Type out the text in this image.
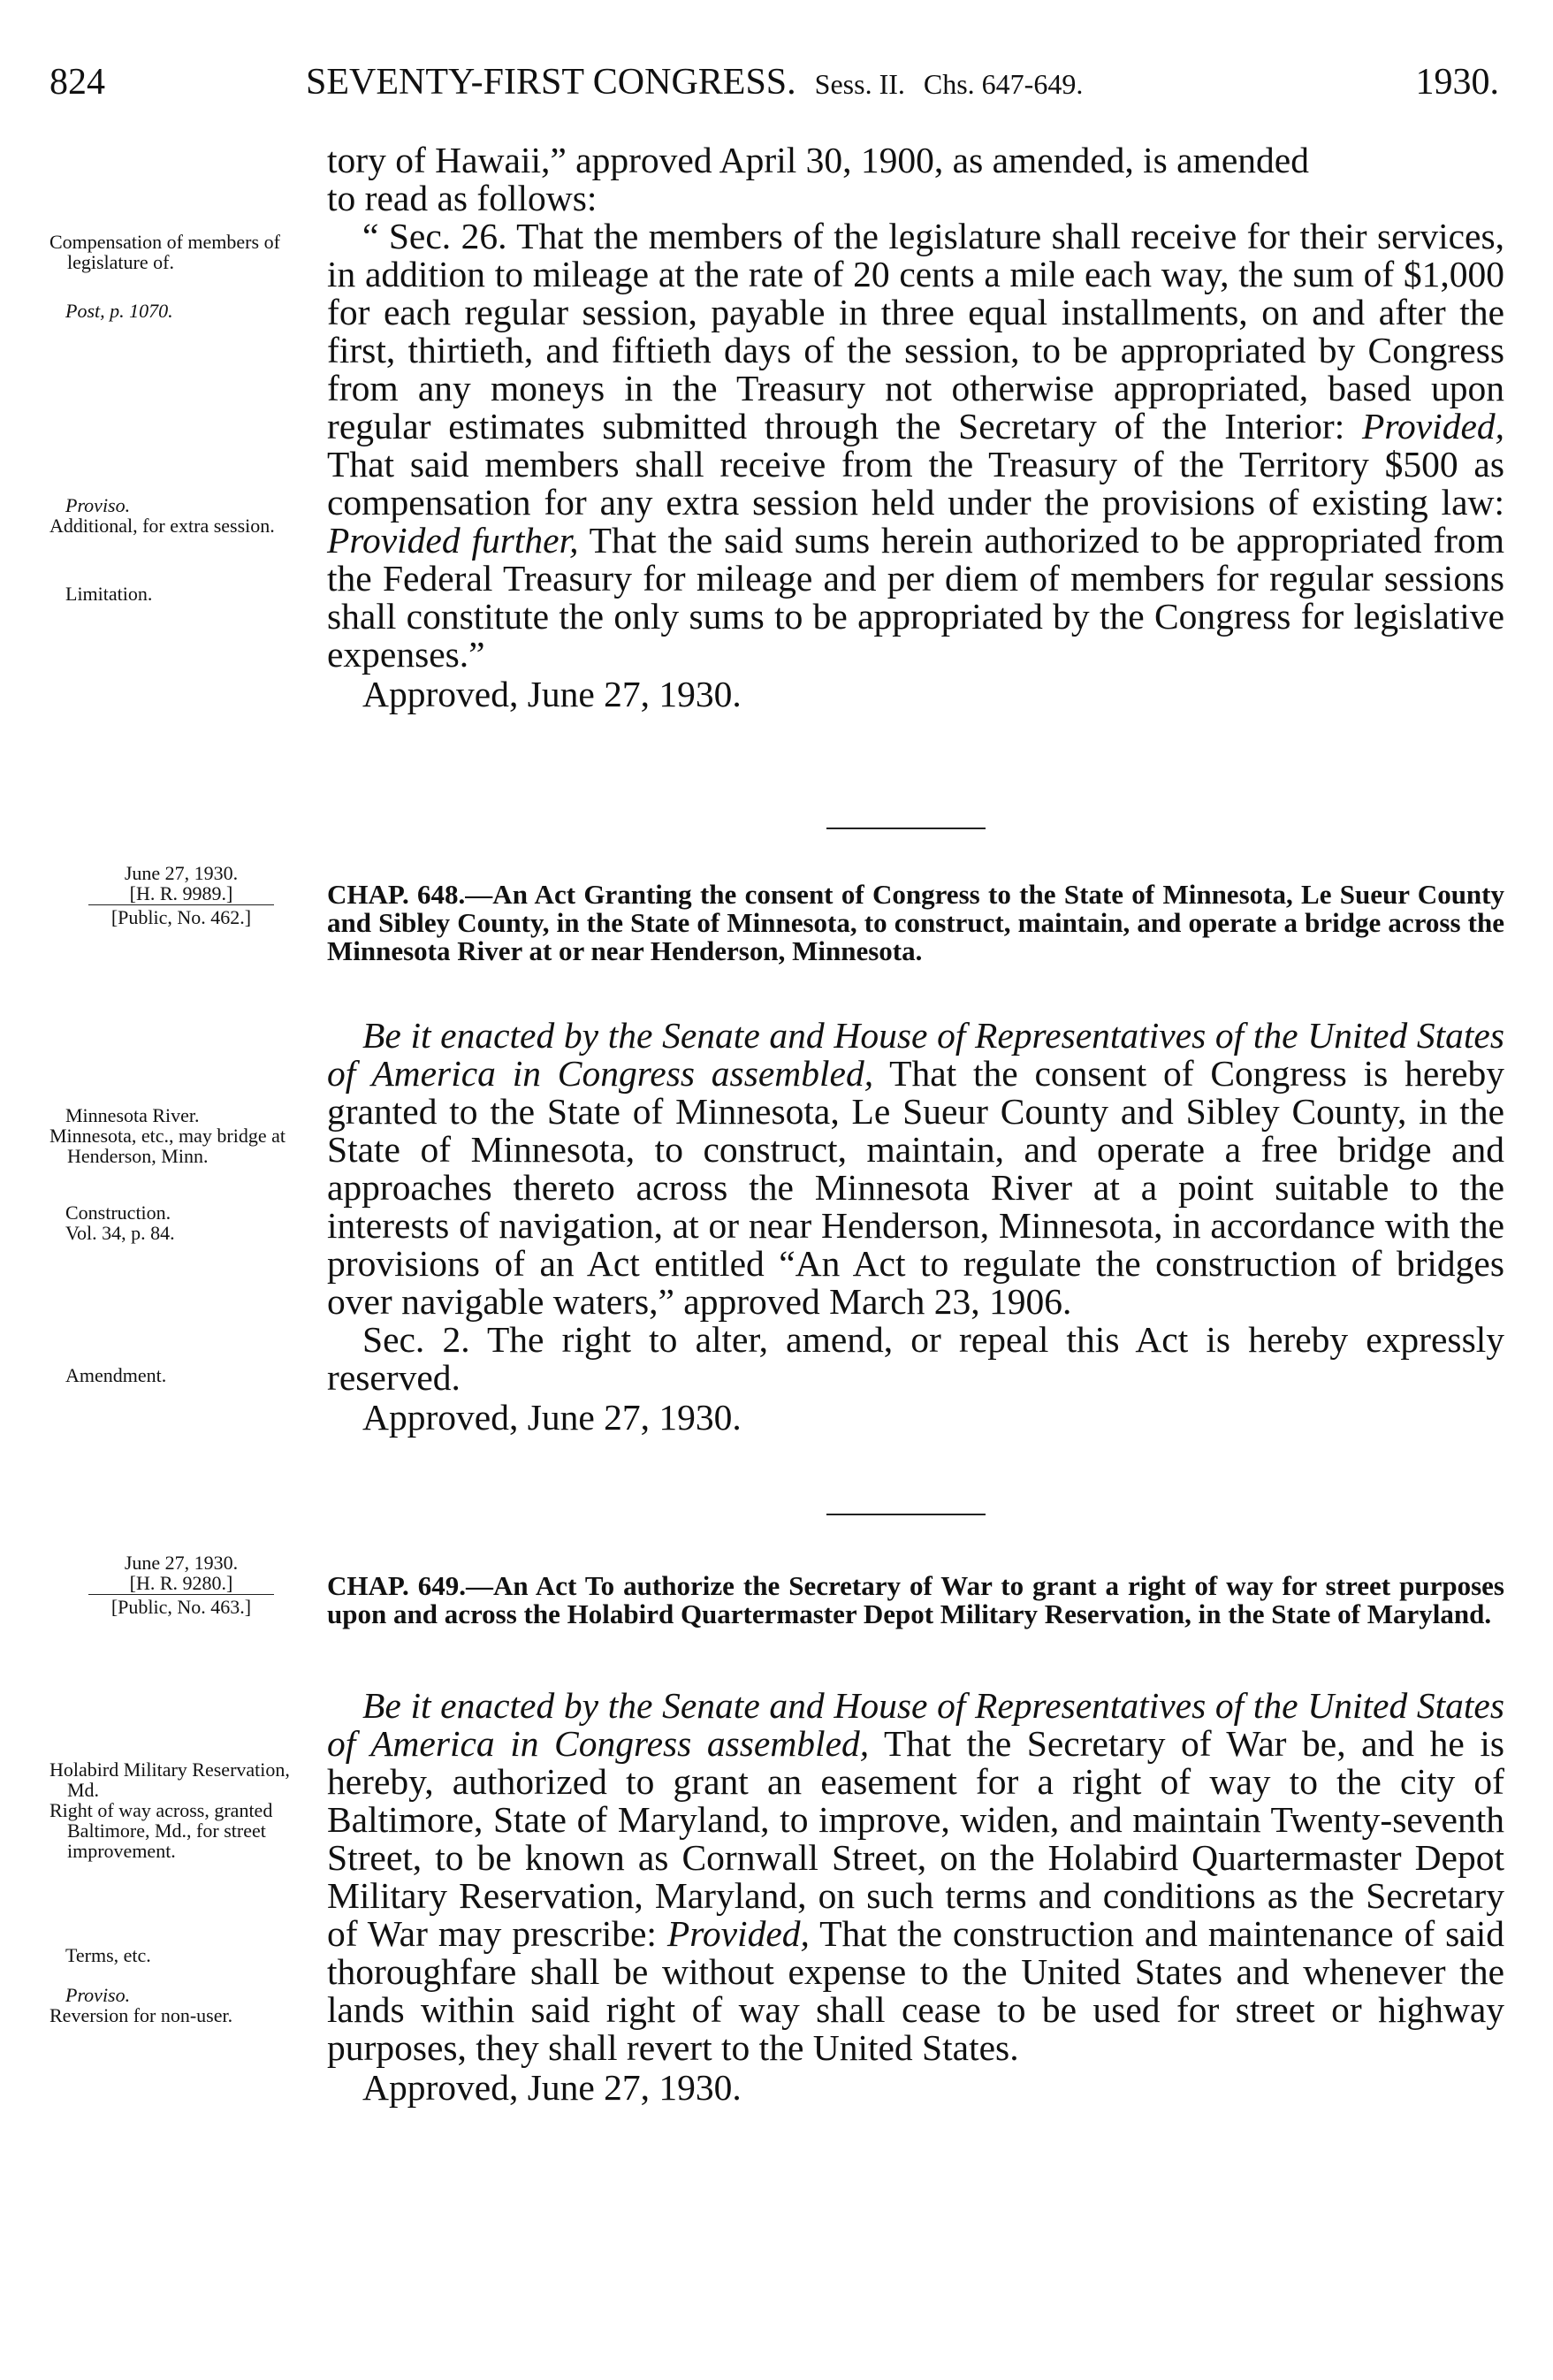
824	SEVENTY-FIRST CONGRESS. Sess. II. Chs. 647-649.	1930.

tory of Hawaii,” approved April 30, 1900, as amended, is amended

to read as follows:

“ Sec. 26. That the members of the legislature shall receive for their services, in addition to mileage at the rate of 20 cents a mile each way, the sum of $1,000 for each regular session, payable in three equal installments, on and after the first, thirtieth, and fiftieth days of the session, to be appropriated by Congress from any moneys in the Treasury not otherwise appropriated, based upon regular estimates submitted through the Secretary of the Interior: Provided, That said members shall receive from the Treasury of the Territory $500 as compensation for any extra session held under the provisions of existing law: Provided further, That the said sums herein authorized to be appropriated from the Federal Treasury for mileage and per diem of members for regular sessions shall constitute the only sums to be appropriated by the Congress for legislative expenses.”

Approved, June 27, 1930.

Compensation of members of legislature of.

Post, p. 1070.

Proviso.

Additional, for extra session.

Limitation.

June 27, 1930.

[H. R. 9989.]

[Public, No. 462.]

CHAP. 648.—An Act Granting the consent of Congress to the State of Minnesota, Le Sueur County and Sibley County, in the State of Minnesota, to construct, maintain, and operate a bridge across the Minnesota River at or near Henderson, Minnesota.

Be it enacted by the Senate and House of Representatives of the United States of America in Congress assembled, That the consent of Congress is hereby granted to the State of Minnesota, Le Sueur County and Sibley County, in the State of Minnesota, to construct, maintain, and operate a free bridge and approaches thereto across the Minnesota River at a point suitable to the interests of navigation, at or near Henderson, Minnesota, in accordance with the provisions of an Act entitled “An Act to regulate the construction of bridges over navigable waters,” approved March 23, 1906.

Sec. 2. The right to alter, amend, or repeal this Act is hereby expressly reserved.

Approved, June 27, 1930.

Minnesota River.

Minnesota, etc., may bridge at Henderson, Minn.

Construction.

Vol. 34, p. 84.

Amendment.

June 27, 1930.

[H. R. 9280.]

[Public, No. 463.]

CHAP. 649.—An Act To authorize the Secretary of War to grant a right of way for street purposes upon and across the Holabird Quartermaster Depot Military Reservation, in the State of Maryland.

Be it enacted by the Senate and House of Representatives of the United States of America in Congress assembled, That the Secretary of War be, and he is hereby, authorized to grant an easement for a right of way to the city of Baltimore, State of Maryland, to improve, widen, and maintain Twenty-seventh Street, to be known as Cornwall Street, on the Holabird Quartermaster Depot Military Reservation, Maryland, on such terms and conditions as the Secretary of War may prescribe: Provided, That the construction and maintenance of said thoroughfare shall be without expense to the United States and whenever the lands within said right of way shall cease to be used for street or highway purposes, they shall revert to the United States.

Approved, June 27, 1930.

Holabird Military Reservation, Md.

Right of way across, granted Baltimore, Md., for street improvement.

Terms, etc.

Proviso.

Reversion for non-user.
